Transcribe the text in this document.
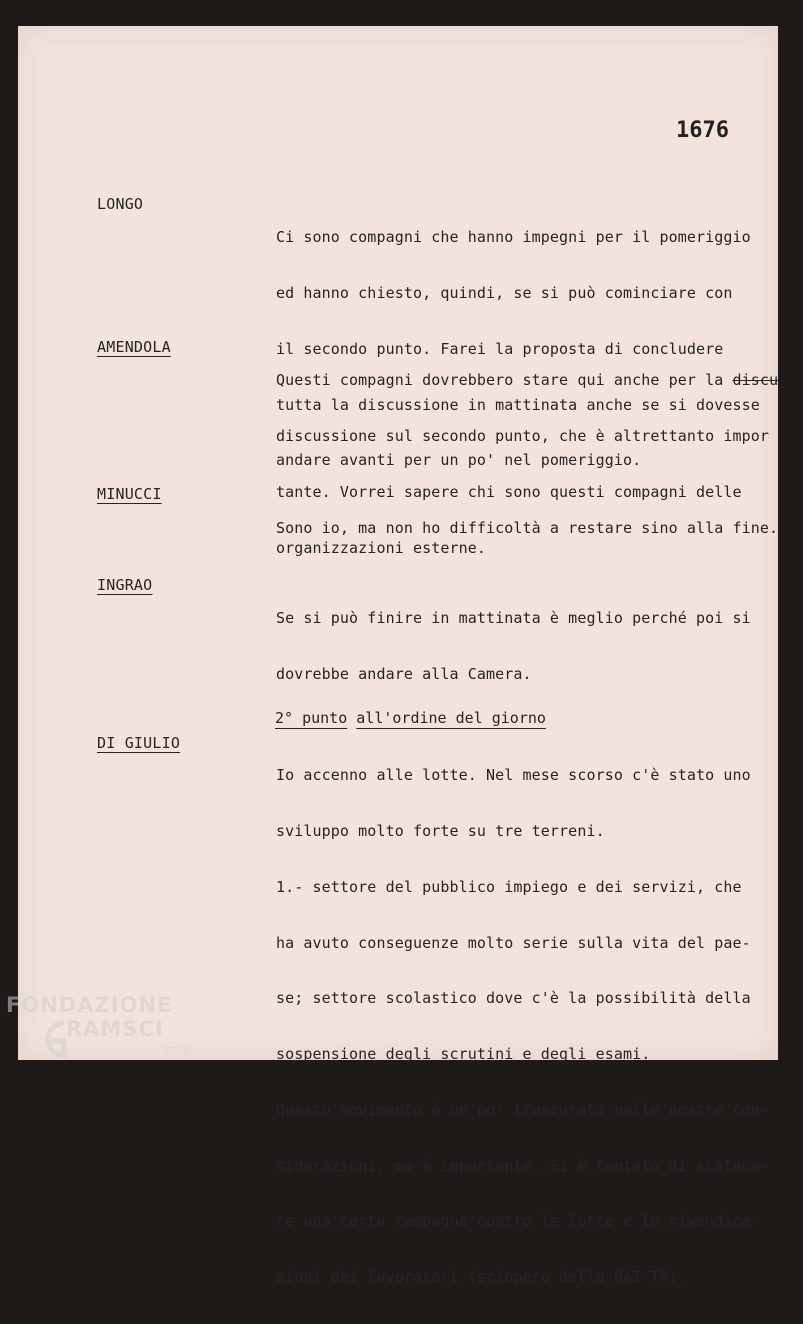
1676
LONGO

Ci sono compagni che hanno impegni per il pomeriggio

ed hanno chiesto, quindi, se si può cominciare con

il secondo punto. Farei la proposta di concludere

tutta la discussione in mattinata anche se si dovesse

andare avanti per un po' nel pomeriggio.

AMENDOLA

Questi compagni dovrebbero stare qui anche per la discu

discussione sul secondo punto, che è altrettanto impor

tante. Vorrei sapere chi sono questi compagni delle

organizzazioni esterne.

MINUCCI

Sono io, ma non ho difficoltà a restare sino alla fine.

INGRAO

Se si può finire in mattinata è meglio perché poi si

dovrebbe andare alla Camera.

2° punto all'ordine del giorno
DI GIULIO

Io accenno alle lotte. Nel mese scorso c'è stato uno

sviluppo molto forte su tre terreni.

1.- settore del pubblico impiego e dei servizi, che

ha avuto conseguenze molto serie sulla vita del pae-

se; settore scolastico dove c'è la possibilità della

sospensione degli scrutini e degli esami.

Questo movimento è un po' trascurato nelle nostre con-

siderazioni, ma è importante. Si è tentato di scatena-

re una certa campagna contro le lotte e le rivendica-

zioni dei lavoratori (sciopero della RAI-TV).

FONDAZIONE
RAMSCI
onlus
